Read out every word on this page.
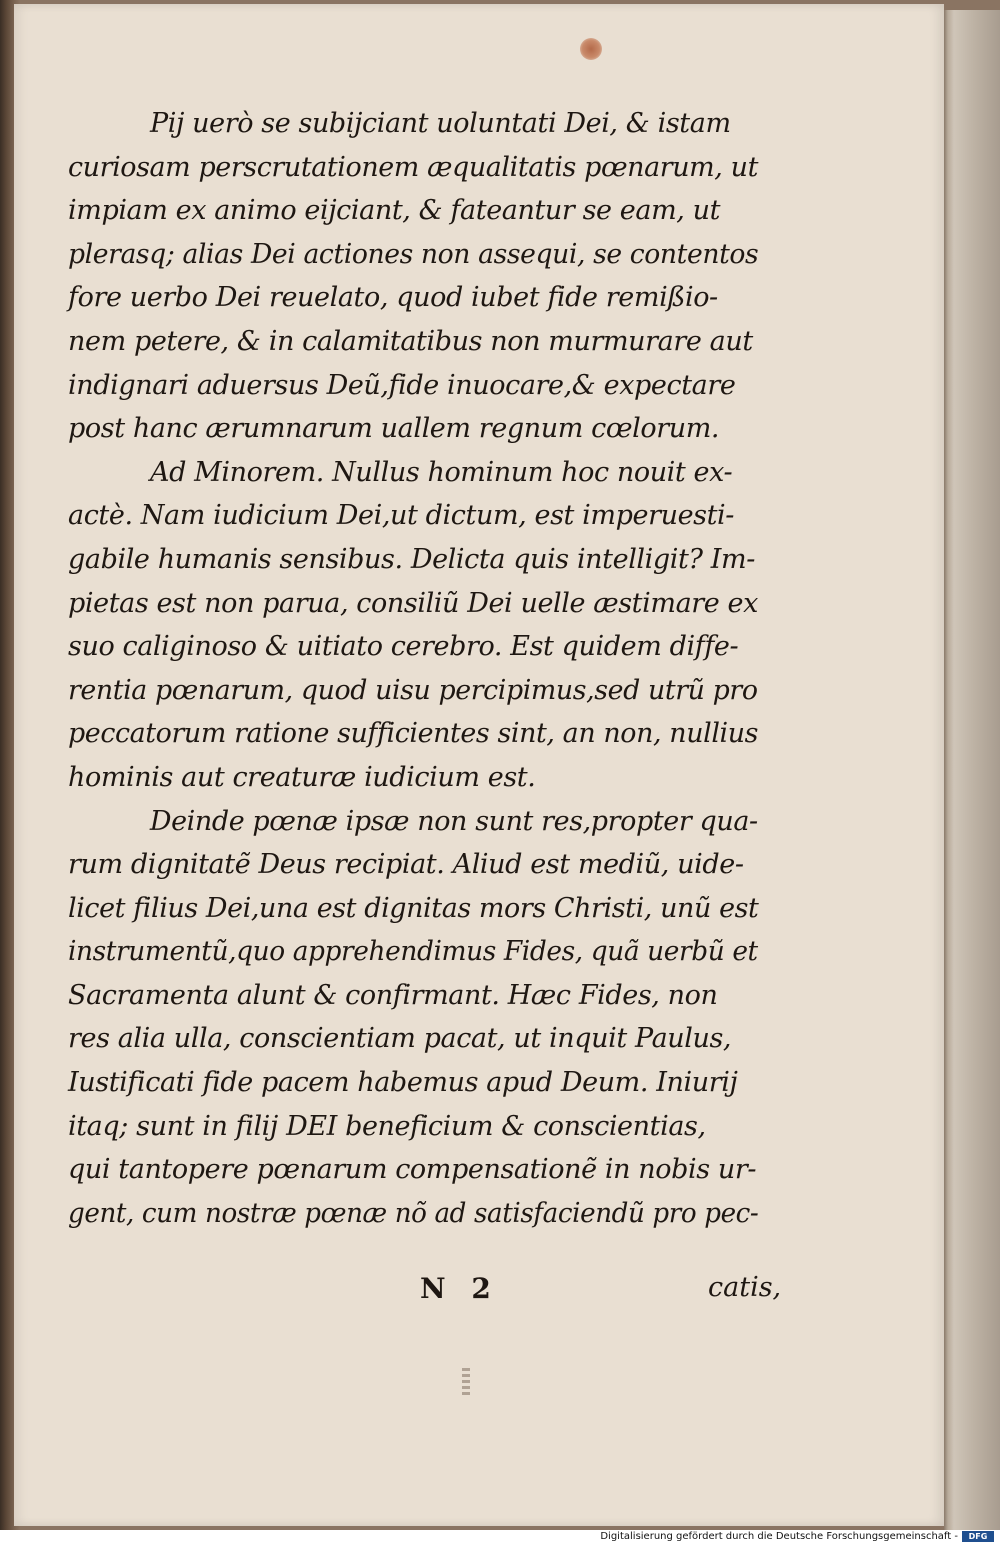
Pij uerò se subijciant uoluntati Dei, & istam
curiosam perscrutationem æqualitatis pœnarum, ut
impiam ex animo eijciant, & fateantur se eam, ut
plerasq; alias Dei actiones non assequi, se contentos
fore uerbo Dei reuelato, quod iubet fide remißio-
nem petere, & in calamitatibus non murmurare aut
indignari aduersus Deũ,fide inuocare,& expectare
post hanc ærumnarum uallem regnum cœlorum.
Ad Minorem. Nullus hominum hoc nouit ex-
actè. Nam iudicium Dei,ut dictum, est imperuesti-
gabile humanis sensibus. Delicta quis intelligit? Im-
pietas est non parua, consiliũ Dei uelle æstimare ex
suo caliginoso & uitiato cerebro. Est quidem diffe-
rentia pœnarum, quod uisu percipimus,sed utrũ pro
peccatorum ratione sufficientes sint, an non, nullius
hominis aut creaturæ iudicium est.
Deinde pœnæ ipsæ non sunt res,propter qua-
rum dignitatẽ Deus recipiat. Aliud est mediũ, uide-
licet filius Dei,una est dignitas mors Christi, unũ est
instrumentũ,quo apprehendimus Fides, quã uerbũ et
Sacramenta alunt & confirmant. Hæc Fides, non
res alia ulla, conscientiam pacat, ut inquit Paulus,
Iustificati fide pacem habemus apud Deum. Iniurij
itaq; sunt in filij DEI beneficium & conscientias,
qui tantopere pœnarum compensationẽ in nobis ur-
gent, cum nostræ pœnæ nõ ad satisfaciendũ pro pec-
N 2	catis,
Digitalisierung gefördert durch die Deutsche Forschungsgemeinschaft -	DFG
